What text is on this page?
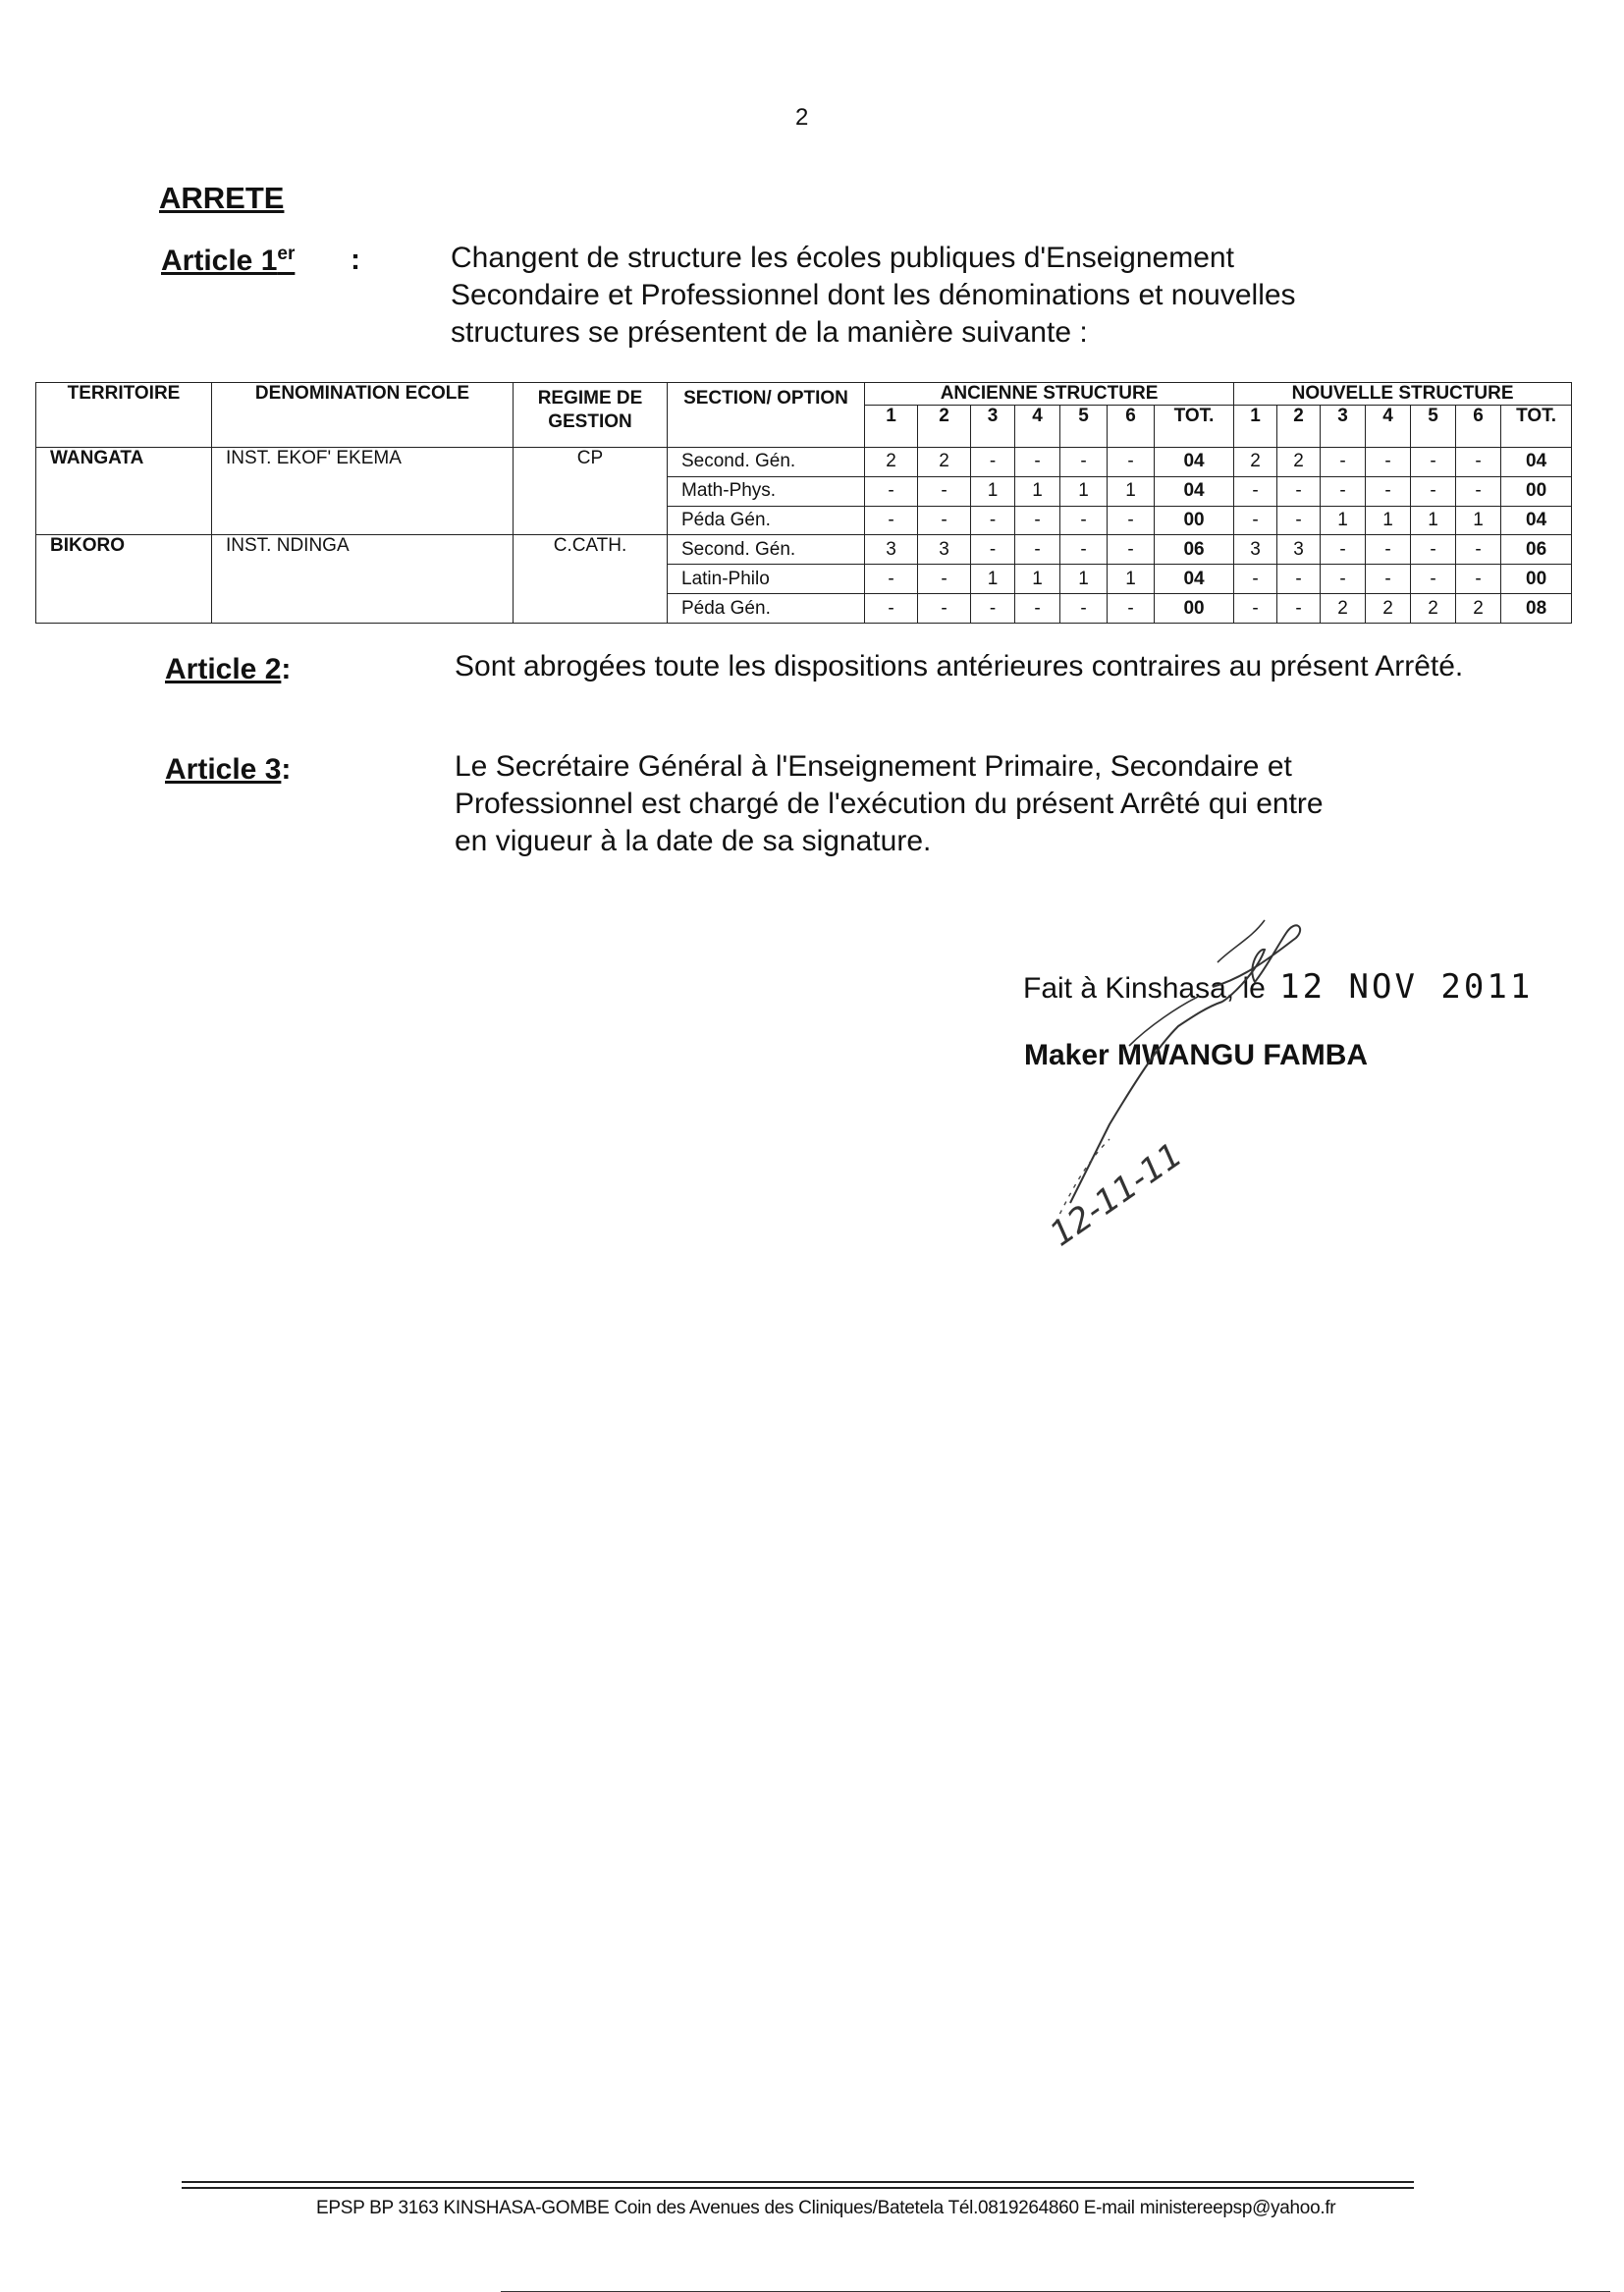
2
ARRETE
Article 1er :	Changent de structure les écoles publiques d'Enseignement
Secondaire et Professionnel dont les dénominations et nouvelles
structures se présentent de la manière suivante :
TERRITOIRE	DENOMINATION ECOLE	REGIME DE GESTION	SECTION/ OPTION	ANCIENNE STRUCTURE							NOUVELLE STRUCTURE						
				1	2	3	4	5	6	TOT.	1	2	3	4	5	6	TOT.
WANGATA	INST. EKOF' EKEMA	CP	Second. Gén.	2	2	-	-	-	-	04	2	2	-	-	-	-	04
			Math-Phys.	-	-	1	1	1	1	04	-	-	-	-	-	-	00
			Péda Gén.	-	-	-	-	-	-	00	-	-	1	1	1	1	04
BIKORO	INST. NDINGA	C.CATH.	Second. Gén.	3	3	-	-	-	-	06	3	3	-	-	-	-	06
			Latin-Philo	-	-	1	1	1	1	04	-	-	-	-	-	-	00
			Péda Gén.	-	-	-	-	-	-	00	-	-	2	2	2	2	08
Article 2:	Sont abrogées toute les dispositions antérieures contraires au présent Arrêté.
Article 3:	Le Secrétaire Général à l'Enseignement Primaire, Secondaire et
Professionnel est chargé de l'exécution du présent Arrêté qui entre
en vigueur à la date de sa signature.
Fait à Kinshasa, le 12 NOV 2011
Maker MWANGU FAMBA
12-11-11
EPSP BP 3163 KINSHASA-GOMBE Coin des Avenues des Cliniques/Batetela Tél.0819264860 E-mail ministereepsp@yahoo.fr
